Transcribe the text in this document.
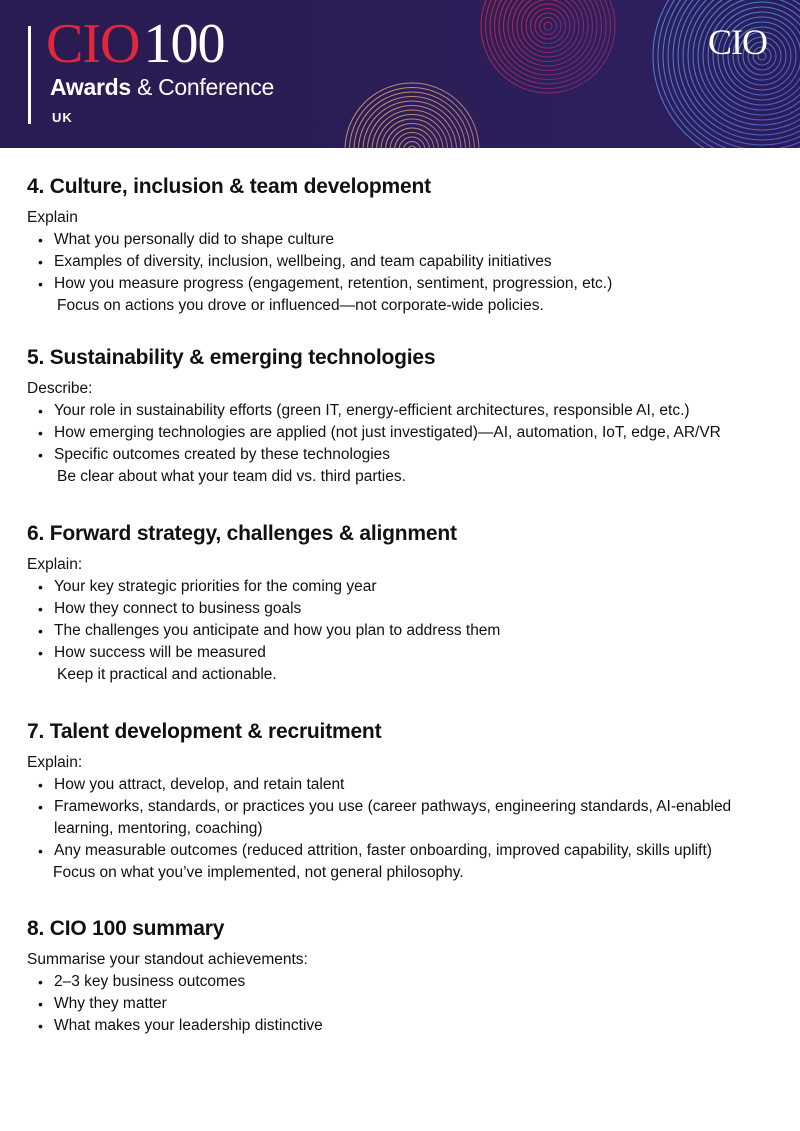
CIO100
Awards & Conference
UK
CIO
4. Culture, inclusion & team development

Explain

• What you personally did to shape culture
• Examples of diversity, inclusion, wellbeing, and team capability initiatives
• How you measure progress (engagement, retention, sentiment, progression, etc.)

Focus on actions you drove or influenced—not corporate-wide policies.

5. Sustainability & emerging technologies

Describe:

• Your role in sustainability efforts (green IT, energy-efficient architectures, responsible AI, etc.)
• How emerging technologies are applied (not just investigated)—AI, automation, IoT, edge, AR/VR
• Specific outcomes created by these technologies

Be clear about what your team did vs. third parties.

6. Forward strategy, challenges & alignment

Explain:

• Your key strategic priorities for the coming year
• How they connect to business goals
• The challenges you anticipate and how you plan to address them
• How success will be measured

Keep it practical and actionable.

7. Talent development & recruitment

Explain:

• How you attract, develop, and retain talent
• Frameworks, standards, or practices you use (career pathways, engineering standards, AI-enabled learning, mentoring, coaching)
• Any measurable outcomes (reduced attrition, faster onboarding, improved capability, skills uplift)

Focus on what you’ve implemented, not general philosophy.

8. CIO 100 summary

Summarise your standout achievements:

• 2–3 key business outcomes
• Why they matter
• What makes your leadership distinctive
